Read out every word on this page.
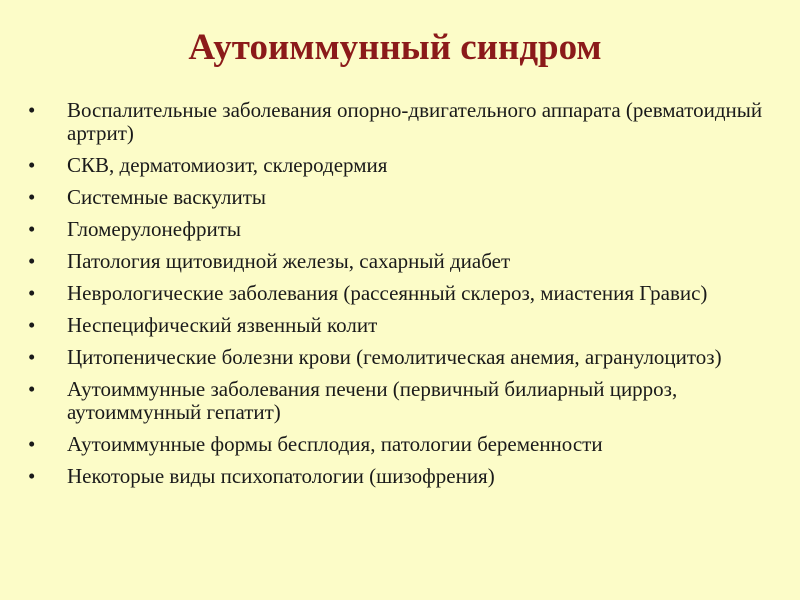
Аутоиммунный синдром
•	Воспалительные заболевания опорно-двигательного аппарата (ревматоидный артрит)
•	СКВ, дерматомиозит, склеродермия
•	Системные васкулиты
•	Гломерулонефриты
•	Патология щитовидной железы, сахарный диабет
•	Неврологические заболевания (рассеянный склероз, миастения Гравис)
•	Неспецифический язвенный колит
•	Цитопенические болезни крови (гемолитическая анемия, агранулоцитоз)
•	Аутоиммунные заболевания печени (первичный билиарный цирроз, аутоиммунный гепатит)
•	Аутоиммунные формы бесплодия, патологии беременности
•	Некоторые виды психопатологии (шизофрения)
